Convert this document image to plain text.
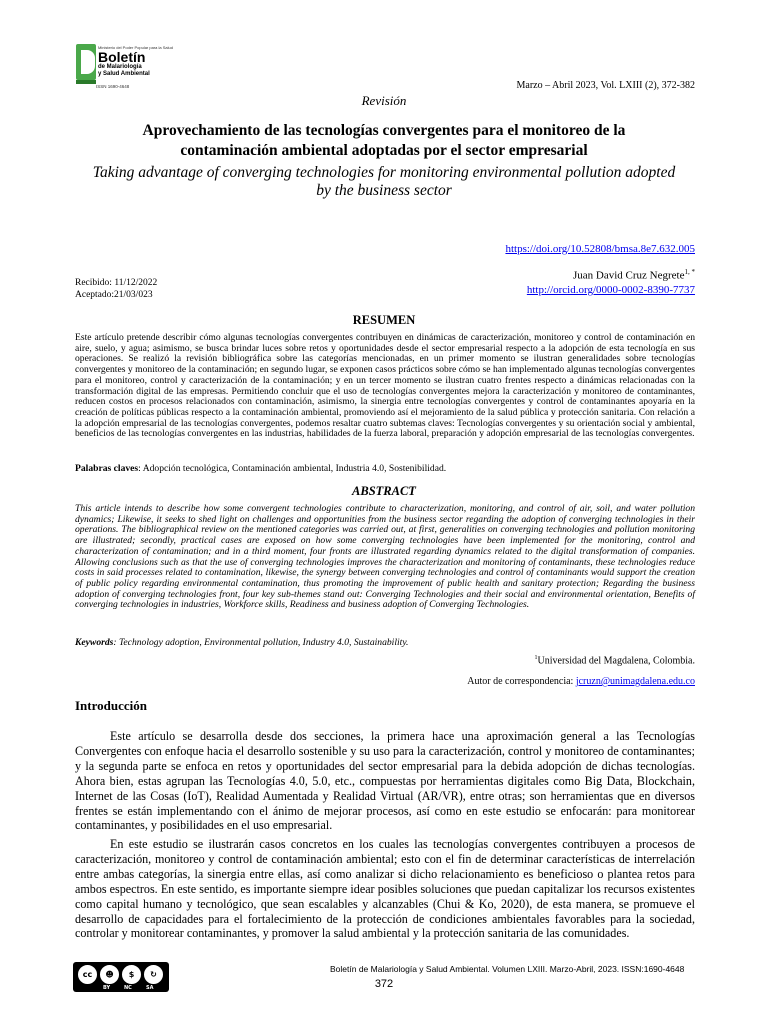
Ministerio del Poder Popular para la Salud
Boletín
de Malariología
y Salud Ambiental
ISSN 1690-4648	Marzo – Abril 2023, Vol. LXIII (2), 372-382
Revisión
Aprovechamiento de las tecnologías convergentes para el monitoreo de la contaminación ambiental adoptadas por el sector empresarial
Taking advantage of converging technologies for monitoring environmental pollution adopted by the business sector
https://doi.org/10.52808/bmsa.8e7.632.005
Juan David Cruz Negrete$^{1, *}$
http://orcid.org/0000-0002-8390-7737
Recibido: 11/12/2022
Aceptado:21/03/023
RESUMEN
Este artículo pretende describir cómo algunas tecnologías convergentes contribuyen en dinámicas de caracterización, monitoreo y control de contaminación en aire, suelo, y agua; asimismo, se busca brindar luces sobre retos y oportunidades desde el sector empresarial respecto a la adopción de esta tecnología en sus operaciones. Se realizó la revisión bibliográfica sobre las categorías mencionadas, en un primer momento se ilustran generalidades sobre tecnologías convergentes y monitoreo de la contaminación; en segundo lugar, se exponen casos prácticos sobre cómo se han implementado algunas tecnologías convergentes para el monitoreo, control y caracterización de la contaminación; y en un tercer momento se ilustran cuatro frentes respecto a dinámicas relacionadas con la transformación digital de las empresas. Permitiendo concluir que el uso de tecnologías convergentes mejora la caracterización y monitoreo de contaminantes, reducen costos en procesos relacionados con contaminación, asimismo, la sinergia entre tecnologías convergentes y control de contaminantes apoyaría en la creación de políticas públicas respecto a la contaminación ambiental, promoviendo así el mejoramiento de la salud pública y protección sanitaria. Con relación a la adopción empresarial de las tecnologías convergentes, podemos resaltar cuatro subtemas claves: Tecnologías convergentes y su orientación social y ambiental, beneficios de las tecnologías convergentes en las industrias, habilidades de la fuerza laboral, preparación y adopción empresarial de las tecnologías convergentes.
Palabras claves: Adopción tecnológica, Contaminación ambiental, Industria 4.0, Sostenibilidad.
ABSTRACT
This article intends to describe how some convergent technologies contribute to characterization, monitoring, and control of air, soil, and water pollution dynamics; Likewise, it seeks to shed light on challenges and opportunities from the business sector regarding the adoption of converging technologies in their operations. The bibliographical review on the mentioned categories was carried out, at first, generalities on converging technologies and pollution monitoring are illustrated; secondly, practical cases are exposed on how some converging technologies have been implemented for the monitoring, control and characterization of contamination; and in a third moment, four fronts are illustrated regarding dynamics related to the digital transformation of companies. Allowing conclusions such as that the use of converging technologies improves the characterization and monitoring of contaminants, these technologies reduce costs in said processes related to contamination, likewise, the synergy between converging technologies and control of contaminants would support the creation of public policy regarding environmental contamination, thus promoting the improvement of public health and sanitary protection; Regarding the business adoption of converging technologies front, four key sub-themes stand out: Converging Technologies and their social and environmental orientation, Benefits of converging technologies in industries, Workforce skills, Readiness and business adoption of Converging Technologies.
Keywords: Technology adoption, Environmental pollution, Industry 4.0, Sustainability.
$^1$Universidad del Magdalena, Colombia.
Autor de correspondencia: jcruzn@unimagdalena.edu.co
Introducción
Este artículo se desarrolla desde dos secciones, la primera hace una aproximación general a las Tecnologías Convergentes con enfoque hacia el desarrollo sostenible y su uso para la caracterización, control y monitoreo de contaminantes; y la segunda parte se enfoca en retos y oportunidades del sector empresarial para la debida adopción de dichas tecnologías. Ahora bien, estas agrupan las Tecnologías 4.0, 5.0, etc., compuestas por herramientas digitales como Big Data, Blockchain, Internet de las Cosas (IoT), Realidad Aumentada y Realidad Virtual (AR/VR), entre otras; son herramientas que en diversos frentes se están implementando con el ánimo de mejorar procesos, así como en este estudio se enfocarán: para monitorear contaminantes, y posibilidades en el uso empresarial.
En este estudio se ilustrarán casos concretos en los cuales las tecnologías convergentes contribuyen a procesos de caracterización, monitoreo y control de contaminación ambiental; esto con el fin de determinar características de interrelación entre ambas categorías, la sinergia entre ellas, así como analizar si dicho relacionamiento es beneficioso o plantea retos para ambos espectros. En este sentido, es importante siempre idear posibles soluciones que puedan capitalizar los recursos existentes como capital humano y tecnológico, que sean escalables y alcanzables (Chui & Ko, 2020), de esta manera, se promueve el desarrollo de capacidades para el fortalecimiento de la protección de condiciones ambientales favorables para la sociedad, controlar y monitorear contaminantes, y promover la salud ambiental y la protección sanitaria de las comunidades.
cc	☻	$	↻
BY	NC	SA
Boletín de Malariología y Salud Ambiental. Volumen LXIII. Marzo-Abril, 2023. ISSN:1690-4648
372
